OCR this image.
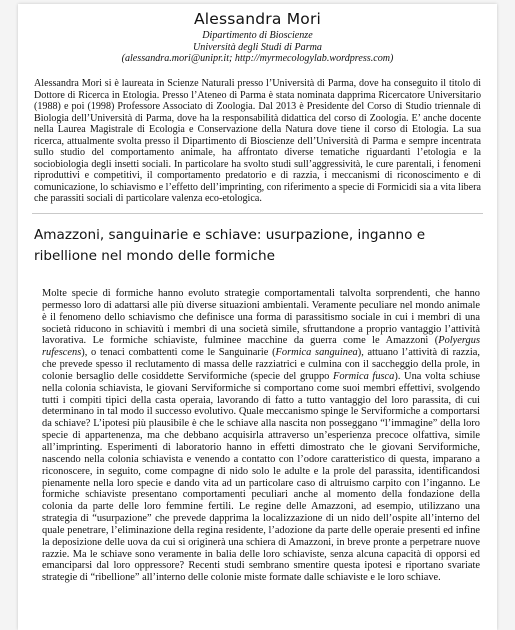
Alessandra Mori
Dipartimento di Bioscienze
Università degli Studi di Parma
(alessandra.mori@unipr.it; http://myrmecologylab.wordpress.com)

Alessandra Mori si è laureata in Scienze Naturali presso l’Università di Parma, dove ha conseguito il titolo di Dottore di Ricerca in Etologia. Presso l’Ateneo di Parma è stata nominata dapprima Ricercatore Universitario (1988) e poi (1998) Professore Associato di Zoologia. Dal 2013 è Presidente del Corso di Studio triennale di Biologia dell’Università di Parma, dove ha la responsabilità didattica del corso di Zoologia. E’ anche docente nella Laurea Magistrale di Ecologia e Conservazione della Natura dove tiene il corso di Etologia. La sua ricerca, attualmente svolta presso il Dipartimento di Bioscienze dell’Università di Parma e sempre incentrata sullo studio del comportamento animale, ha affrontato diverse tematiche riguardanti l’etologia e la sociobiologia degli insetti sociali. In particolare ha svolto studi sull’aggressività, le cure parentali, i fenomeni riproduttivi e competitivi, il comportamento predatorio e di razzia, i meccanismi di riconoscimento e di comunicazione, lo schiavismo e l’effetto dell’imprinting, con riferimento a specie di Formicidi sia a vita libera che parassiti sociali di particolare valenza eco-etologica.

Amazzoni, sanguinarie e schiave: usurpazione, inganno e ribellione nel mondo delle formiche

Molte specie di formiche hanno evoluto strategie comportamentali talvolta sorprendenti, che hanno permesso loro di adattarsi alle più diverse situazioni ambientali. Veramente peculiare nel mondo animale è il fenomeno dello schiavismo che definisce una forma di parassitismo sociale in cui i membri di una società riducono in schiavitù i membri di una società simile, sfruttandone a proprio vantaggio l’attività lavorativa. Le formiche schiaviste, fulminee macchine da guerra come le Amazzoni (Polyergus rufescens), o tenaci combattenti come le Sanguinarie (Formica sanguinea), attuano l’attività di razzia, che prevede spesso il reclutamento di massa delle razziatrici e culmina con il saccheggio della prole, in colonie bersaglio delle cosiddette Serviformiche (specie del gruppo Formica fusca). Una volta schiuse nella colonia schiavista, le giovani Serviformiche si comportano come suoi membri effettivi, svolgendo tutti i compiti tipici della casta operaia, lavorando di fatto a tutto vantaggio del loro parassita, di cui determinano in tal modo il successo evolutivo. Quale meccanismo spinge le Serviformiche a comportarsi da schiave? L’ipotesi più plausibile è che le schiave alla nascita non posseggano “l’immagine” della loro specie di appartenenza, ma che debbano acquisirla attraverso un’esperienza precoce olfattiva, simile all’imprinting. Esperimenti di laboratorio hanno in effetti dimostrato che le giovani Serviformiche, nascendo nella colonia schiavista e venendo a contatto con l’odore caratteristico di questa, imparano a riconoscere, in seguito, come compagne di nido solo le adulte e la prole del parassita, identificandosi pienamente nella loro specie e dando vita ad un particolare caso di altruismo carpito con l’inganno. Le formiche schiaviste presentano comportamenti peculiari anche al momento della fondazione della colonia da parte delle loro femmine fertili. Le regine delle Amazzoni, ad esempio, utilizzano una strategia di “usurpazione” che prevede dapprima la localizzazione di un nido dell’ospite all’interno del quale penetrare, l’eliminazione della regina residente, l’adozione da parte delle operaie presenti ed infine la deposizione delle uova da cui si originerà una schiera di Amazzoni, in breve pronte a perpetrare nuove razzie. Ma le schiave sono veramente in balia delle loro schiaviste, senza alcuna capacità di opporsi ed emanciparsi dal loro oppressore? Recenti studi sembrano smentire questa ipotesi e riportano svariate strategie di “ribellione” all’interno delle colonie miste formate dalle schiaviste e le loro schiave.
